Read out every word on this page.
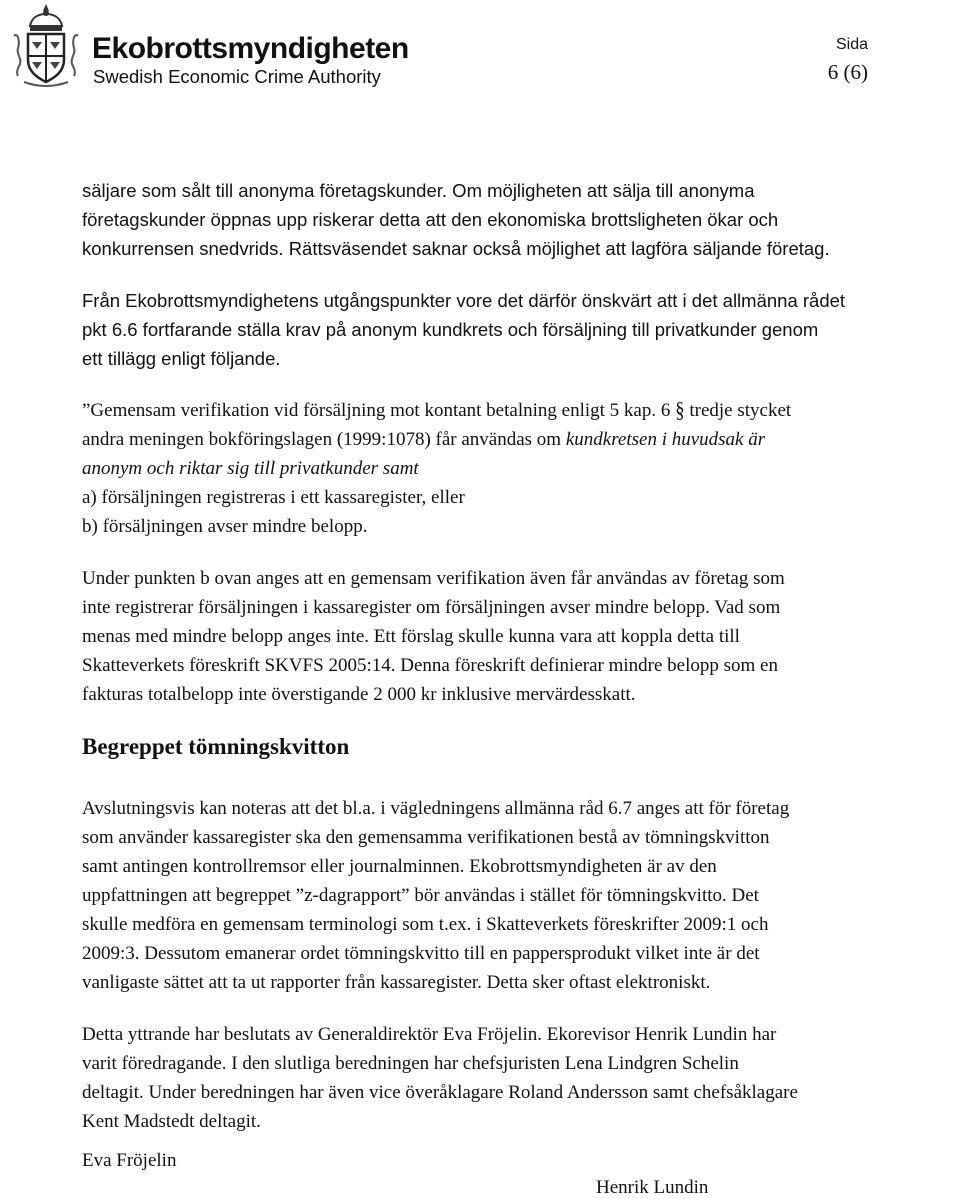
Ekobrottsmyndigheten
Swedish Economic Crime Authority
Sida
6 (6)

säljare som sålt till anonyma företagskunder. Om möjligheten att sälja till anonyma

företagskunder öppnas upp riskerar detta att den ekonomiska brottsligheten ökar och

konkurrensen snedvrids. Rättsväsendet saknar också möjlighet att lagföra säljande företag.

Från Ekobrottsmyndighetens utgångspunkter vore det därför önskvärt att i det allmänna rådet

pkt 6.6 fortfarande ställa krav på anonym kundkrets och försäljning till privatkunder genom

ett tillägg enligt följande.

”Gemensam verifikation vid försäljning mot kontant betalning enligt 5 kap. 6 § tredje stycket

andra meningen bokföringslagen (1999:1078) får användas om kundkretsen i huvudsak är

anonym och riktar sig till privatkunder samt

a) försäljningen registreras i ett kassaregister, eller

b) försäljningen avser mindre belopp.

Under punkten b ovan anges att en gemensam verifikation även får användas av företag som

inte registrerar försäljningen i kassaregister om försäljningen avser mindre belopp. Vad som

menas med mindre belopp anges inte. Ett förslag skulle kunna vara att koppla detta till

Skatteverkets föreskrift SKVFS 2005:14. Denna föreskrift definierar mindre belopp som en

fakturas totalbelopp inte överstigande 2 000 kr inklusive mervärdesskatt.

Begreppet tömningskvitton

Avslutningsvis kan noteras att det bl.a. i vägledningens allmänna råd 6.7 anges att för företag

som använder kassaregister ska den gemensamma verifikationen bestå av tömningskvitton

samt antingen kontrollremsor eller journalminnen. Ekobrottsmyndigheten är av den

uppfattningen att begreppet ”z-dagrapport” bör användas i stället för tömningskvitto. Det

skulle medföra en gemensam terminologi som t.ex. i Skatteverkets föreskrifter 2009:1 och

2009:3. Dessutom emanerar ordet tömningskvitto till en pappersprodukt vilket inte är det

vanligaste sättet att ta ut rapporter från kassaregister. Detta sker oftast elektroniskt.

Detta yttrande har beslutats av Generaldirektör Eva Fröjelin. Ekorevisor Henrik Lundin har

varit föredragande. I den slutliga beredningen har chefsjuristen Lena Lindgren Schelin

deltagit. Under beredningen har även vice överåklagare Roland Andersson samt chefsåklagare

Kent Madstedt deltagit.

Eva Fröjelin
Henrik Lundin
